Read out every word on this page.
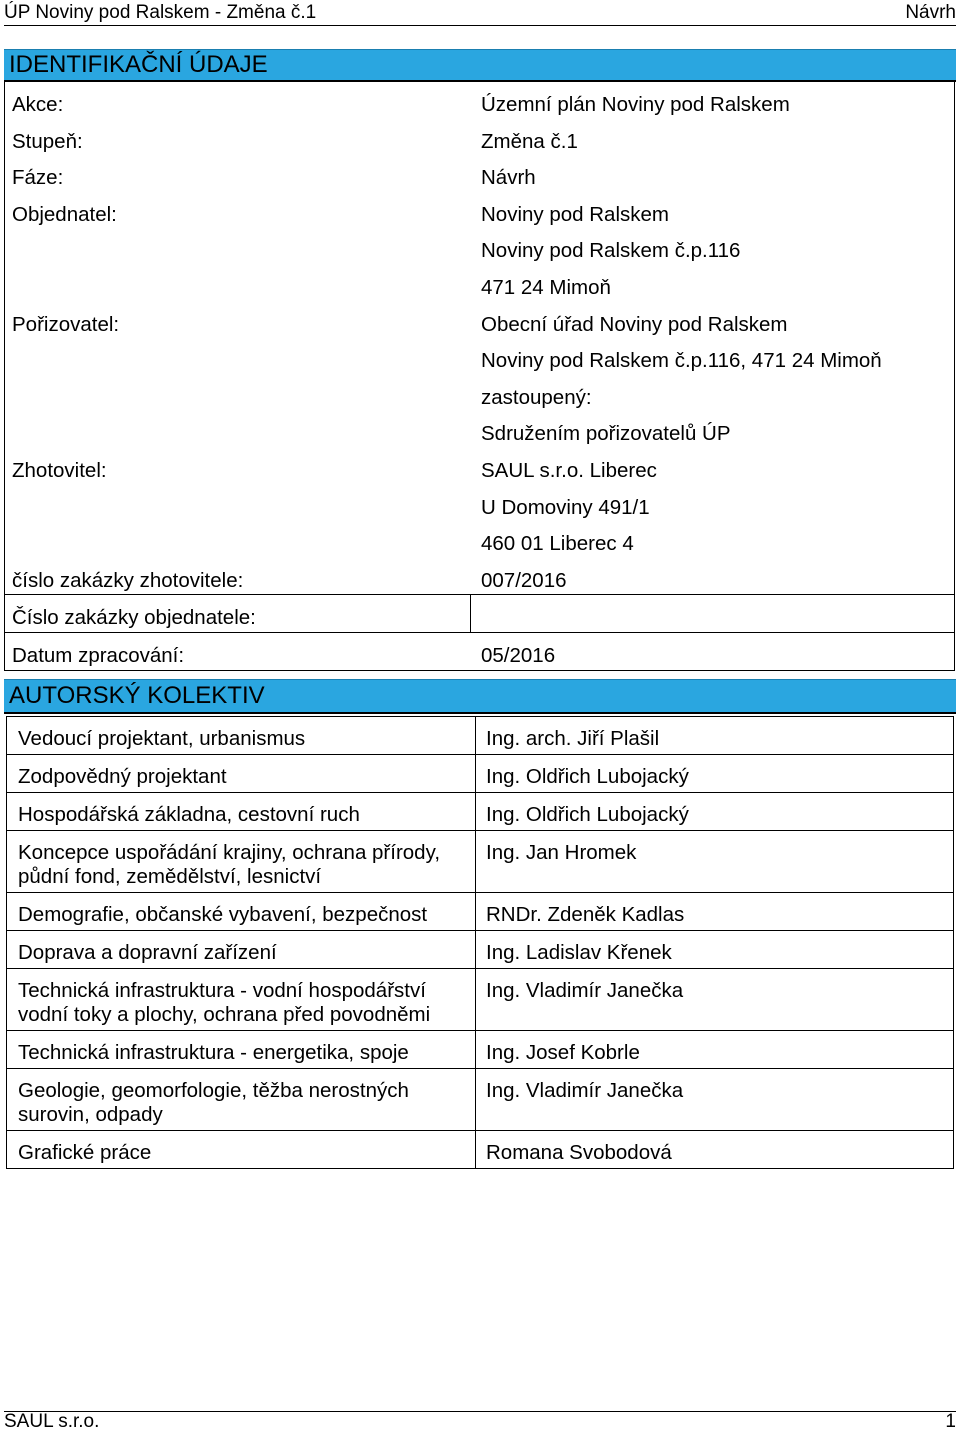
ÚP Noviny pod Ralskem - Změna č.1	Návrh
IDENTIFIKAČNÍ ÚDAJE
Akce:	Územní plán Noviny pod Ralskem
Stupeň:	Změna č.1
Fáze:	Návrh
Objednatel:	Noviny pod Ralskem
Noviny pod Ralskem č.p.116
471 24 Mimoň
Pořizovatel:	Obecní úřad Noviny pod Ralskem
Noviny pod Ralskem č.p.116, 471 24 Mimoň
zastoupený:
Sdružením pořizovatelů ÚP
Zhotovitel:	SAUL s.r.o. Liberec
U Domoviny 491/1
460 01 Liberec 4
číslo zakázky zhotovitele:	007/2016
Číslo zakázky objednatele:
Datum zpracování:	05/2016
AUTORSKÝ KOLEKTIV
Vedoucí projektant, urbanismus	Ing. arch. Jiří Plašil
Zodpovědný projektant	Ing. Oldřich Lubojacký
Hospodářská základna, cestovní ruch	Ing. Oldřich Lubojacký
Koncepce uspořádání krajiny, ochrana přírody, půdní fond, zemědělství, lesnictví	Ing. Jan Hromek
Demografie, občanské vybavení, bezpečnost	RNDr. Zdeněk Kadlas
Doprava a dopravní zařízení	Ing. Ladislav Křenek
Technická infrastruktura - vodní hospodářství vodní toky a plochy, ochrana před povodněmi	Ing. Vladimír Janečka
Technická infrastruktura - energetika, spoje	Ing. Josef Kobrle
Geologie, geomorfologie, těžba nerostných surovin, odpady	Ing. Vladimír Janečka
Grafické práce	Romana Svobodová
SAUL s.r.o.	1
